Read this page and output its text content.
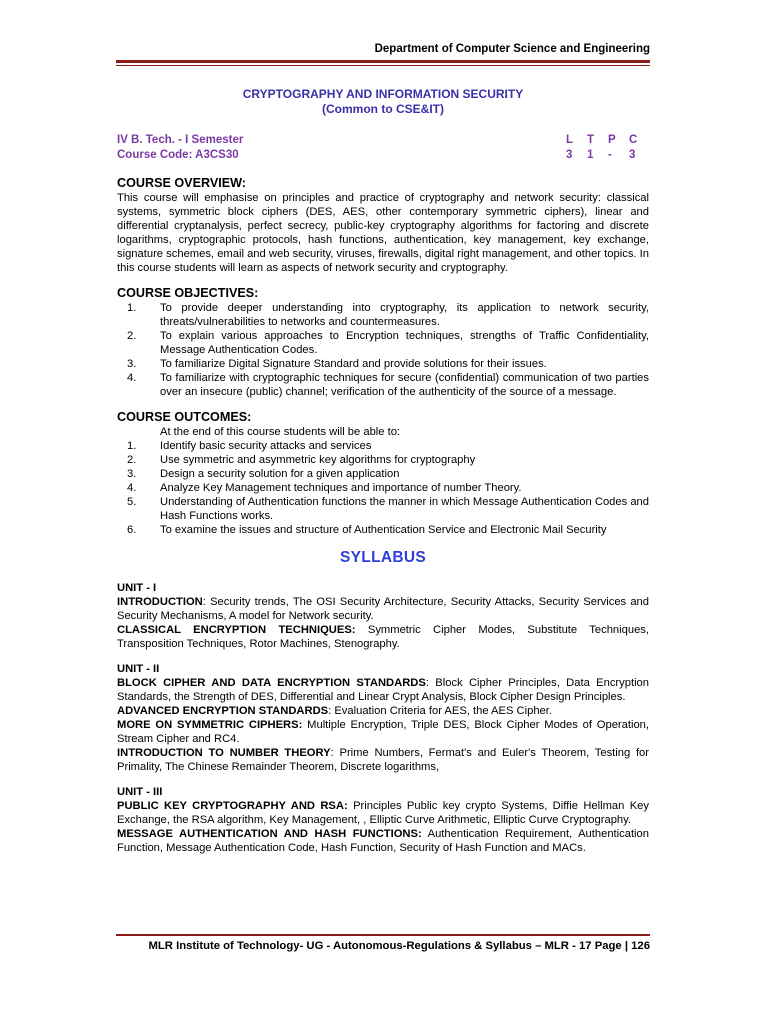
Department of Computer Science and Engineering
CRYPTOGRAPHY AND INFORMATION SECURITY
(Common to CSE&IT)
IV B. Tech. - I Semester
Course Code: A3CS30
L	T	P	C
3	1	-	3

COURSE OVERVIEW:

This course will emphasise on principles and practice of cryptography and network security: classical systems, symmetric block ciphers (DES, AES, other contemporary symmetric ciphers), linear and differential cryptanalysis, perfect secrecy, public-key cryptography algorithms for factoring and discrete logarithms, cryptographic protocols, hash functions, authentication, key management, key exchange, signature schemes, email and web security, viruses, firewalls, digital right management, and other topics. In this course students will learn as aspects of network security and cryptography.

COURSE OBJECTIVES:

1.	To provide deeper understanding into cryptography, its application to network security, threats/vulnerabilities to networks and countermeasures.
2.	To explain various approaches to Encryption techniques, strengths of Traffic Confidentiality, Message Authentication Codes.
3.	To familiarize Digital Signature Standard and provide solutions for their issues.
4.	To familiarize with cryptographic techniques for secure (confidential) communication of two parties over an insecure (public) channel; verification of the authenticity of the source of a message.

COURSE OUTCOMES:

At the end of this course students will be able to:

1.	Identify basic security attacks and services
2.	Use symmetric and asymmetric key algorithms for cryptography
3.	Design a security solution for a given application
4.	Analyze Key Management techniques and importance of number Theory.
5.	Understanding of Authentication functions the manner in which Message Authentication Codes and Hash Functions works.
6.	To examine the issues and structure of Authentication Service and Electronic Mail Security
SYLLABUS

UNIT - I

INTRODUCTION: Security trends, The OSI Security Architecture, Security Attacks, Security Services and Security Mechanisms, A model for Network security.

CLASSICAL ENCRYPTION TECHNIQUES: Symmetric Cipher Modes, Substitute Techniques, Transposition Techniques, Rotor Machines, Stenography.

UNIT - II

BLOCK CIPHER AND DATA ENCRYPTION STANDARDS: Block Cipher Principles, Data Encryption Standards, the Strength of DES, Differential and Linear Crypt Analysis, Block Cipher Design Principles.

ADVANCED ENCRYPTION STANDARDS: Evaluation Criteria for AES, the AES Cipher.

MORE ON SYMMETRIC CIPHERS: Multiple Encryption, Triple DES, Block Cipher Modes of Operation, Stream Cipher and RC4.

INTRODUCTION TO NUMBER THEORY: Prime Numbers, Fermat's and Euler's Theorem, Testing for Primality, The Chinese Remainder Theorem, Discrete logarithms,

UNIT - III

PUBLIC KEY CRYPTOGRAPHY AND RSA: Principles Public key crypto Systems, Diffie Hellman Key Exchange, the RSA algorithm, Key Management, , Elliptic Curve Arithmetic, Elliptic Curve Cryptography.

MESSAGE AUTHENTICATION AND HASH FUNCTIONS: Authentication Requirement, Authentication Function, Message Authentication Code, Hash Function, Security of Hash Function and MACs.

MLR Institute of Technology- UG - Autonomous-Regulations & Syllabus – MLR - 17 Page | 126
